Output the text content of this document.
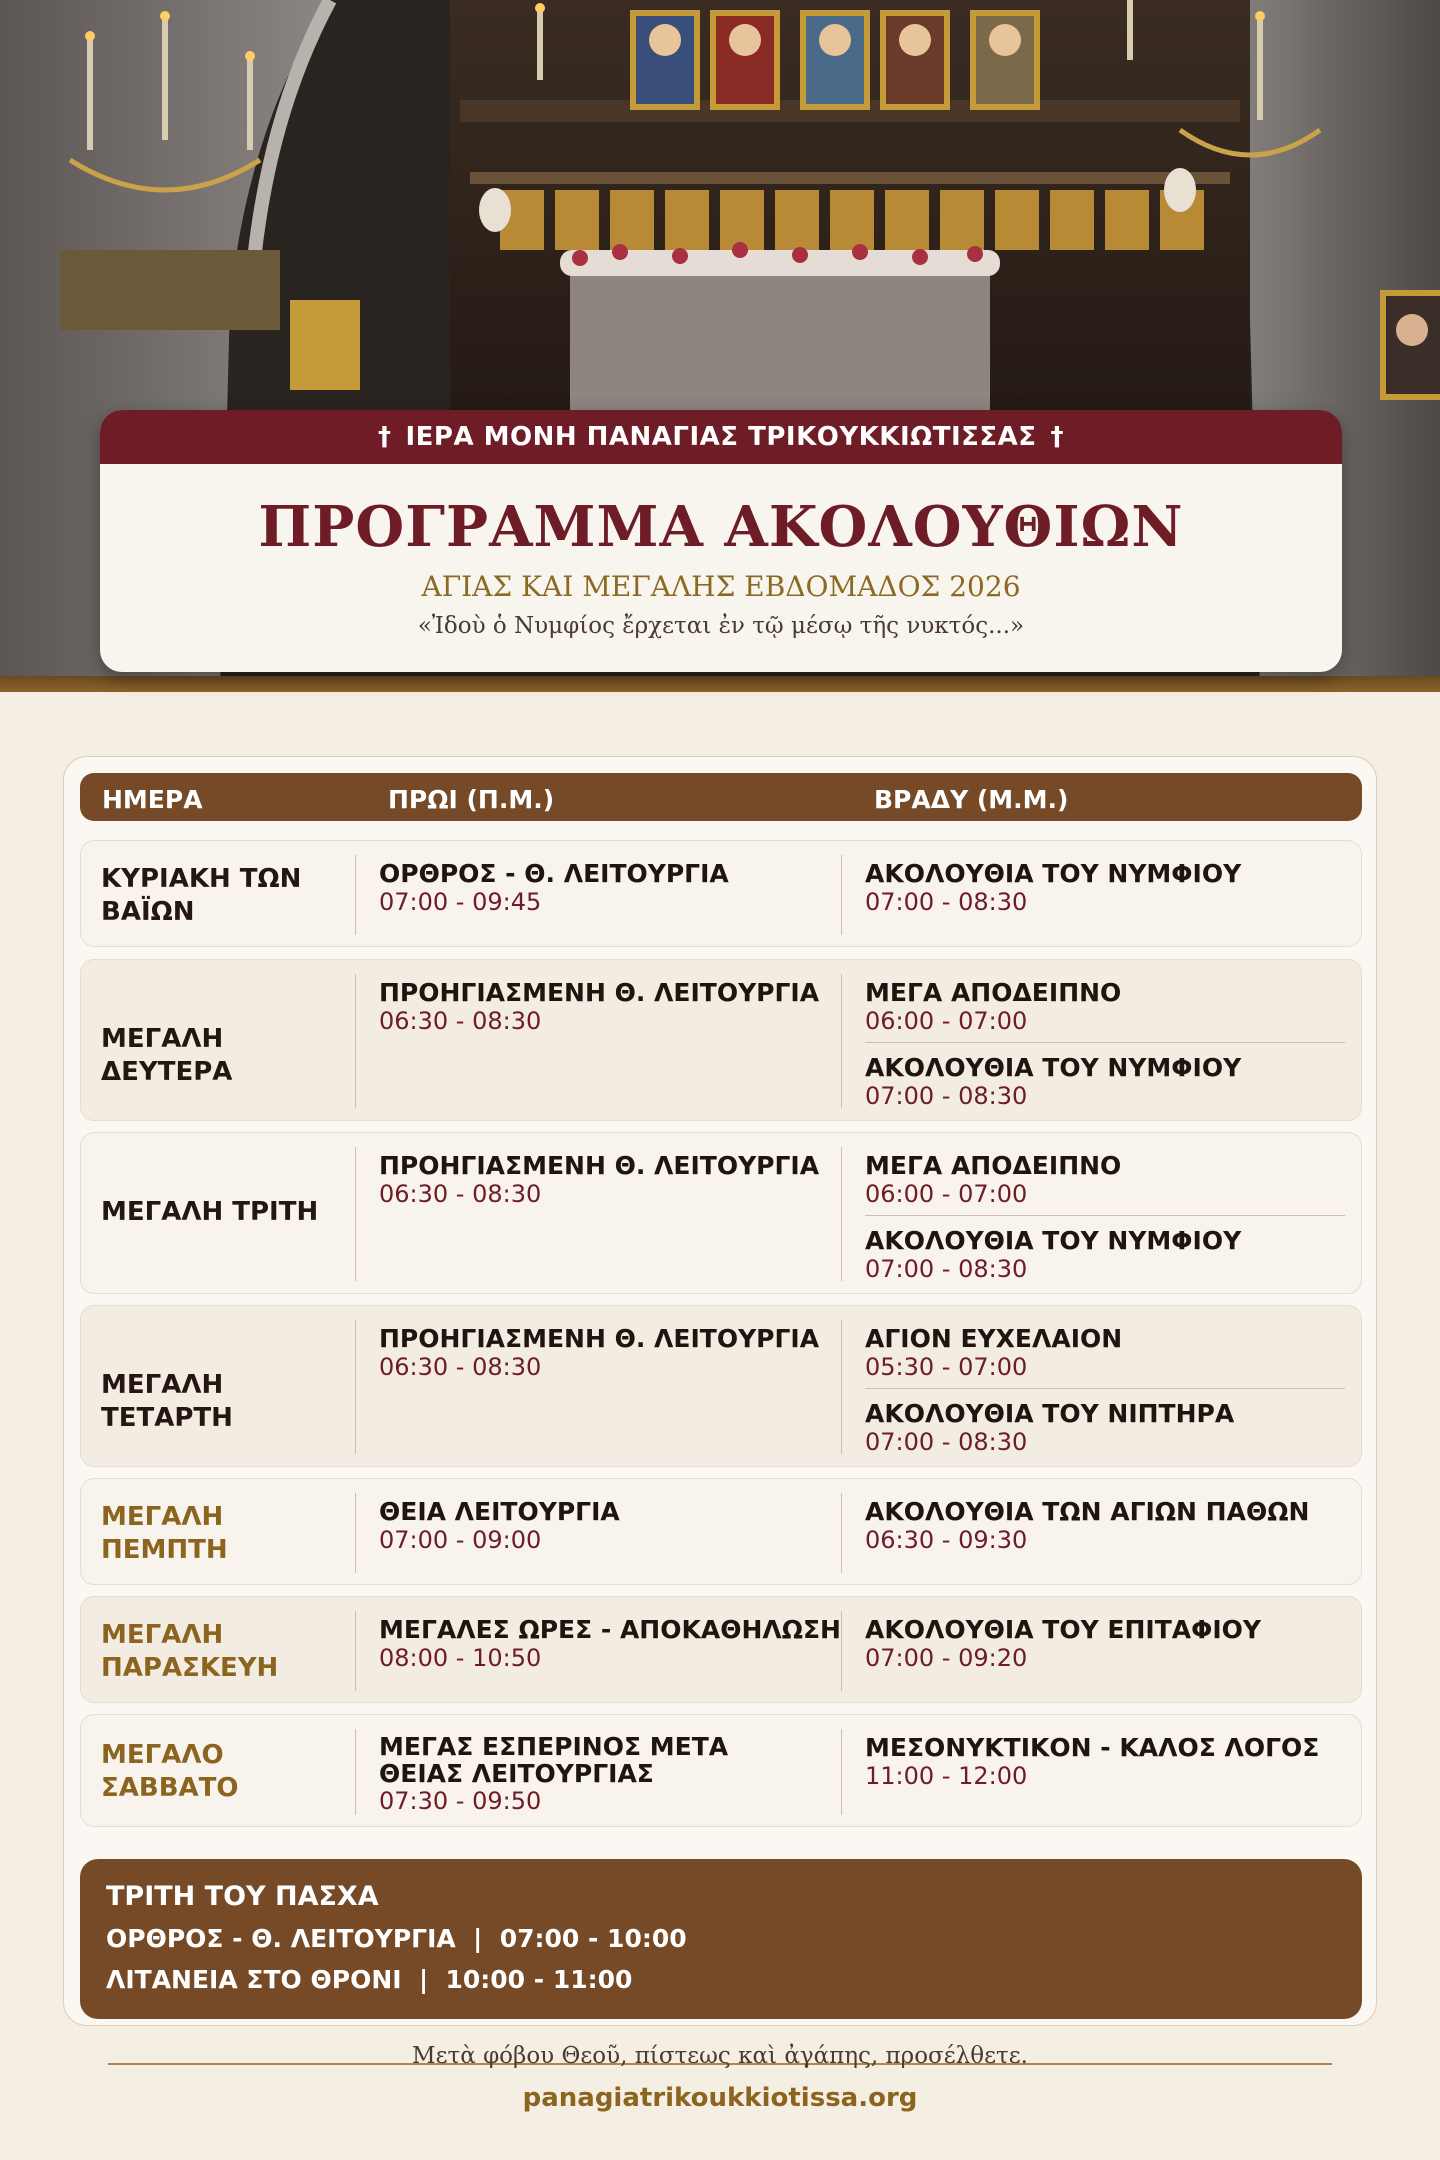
† ΙΕΡΑ ΜΟΝΗ ΠΑΝΑΓΙΑΣ ΤΡΙΚΟΥΚΚΙΩΤΙΣΣΑΣ †
ΠΡΟΓΡΑΜΜΑ ΑΚΟΛΟΥΘΙΩΝ
ΑΓΙΑΣ ΚΑΙ ΜΕΓΑΛΗΣ ΕΒΔΟΜΑΔΟΣ 2026
«Ἰδοὺ ὁ Νυμφίος ἔρχεται ἐν τῷ μέσῳ τῆς νυκτός...»
ΗΜΕΡΑ	ΠΡΩΙ (Π.Μ.)	ΒΡΑΔΥ (Μ.Μ.)
ΚΥΡΙΑΚΗ ΤΩΝ ΒΑΪΩΝ
ΟΡΘΡΟΣ - Θ. ΛΕΙΤΟΥΡΓΙΑ
07:00 - 09:45
ΑΚΟΛΟΥΘΙΑ ΤΟΥ ΝΥΜΦΙΟΥ
07:00 - 08:30
ΜΕΓΑΛΗ ΔΕΥΤΕΡΑ
ΠΡΟΗΓΙΑΣΜΕΝΗ Θ. ΛΕΙΤΟΥΡΓΙΑ
06:30 - 08:30
ΜΕΓΑ ΑΠΟΔΕΙΠΝΟ
06:00 - 07:00
ΑΚΟΛΟΥΘΙΑ ΤΟΥ ΝΥΜΦΙΟΥ
07:00 - 08:30
ΜΕΓΑΛΗ ΤΡΙΤΗ
ΠΡΟΗΓΙΑΣΜΕΝΗ Θ. ΛΕΙΤΟΥΡΓΙΑ
06:30 - 08:30
ΜΕΓΑ ΑΠΟΔΕΙΠΝΟ
06:00 - 07:00
ΑΚΟΛΟΥΘΙΑ ΤΟΥ ΝΥΜΦΙΟΥ
07:00 - 08:30
ΜΕΓΑΛΗ ΤΕΤΑΡΤΗ
ΠΡΟΗΓΙΑΣΜΕΝΗ Θ. ΛΕΙΤΟΥΡΓΙΑ
06:30 - 08:30
ΑΓΙΟΝ ΕΥΧΕΛΑΙΟΝ
05:30 - 07:00
ΑΚΟΛΟΥΘΙΑ ΤΟΥ ΝΙΠΤΗΡΑ
07:00 - 08:30
ΜΕΓΑΛΗ ΠΕΜΠΤΗ
ΘΕΙΑ ΛΕΙΤΟΥΡΓΙΑ
07:00 - 09:00
ΑΚΟΛΟΥΘΙΑ ΤΩΝ ΑΓΙΩΝ ΠΑΘΩΝ
06:30 - 09:30
ΜΕΓΑΛΗ ΠΑΡΑΣΚΕΥΗ
ΜΕΓΑΛΕΣ ΩΡΕΣ - ΑΠΟΚΑΘΗΛΩΣΗ
08:00 - 10:50
ΑΚΟΛΟΥΘΙΑ ΤΟΥ ΕΠΙΤΑΦΙΟΥ
07:00 - 09:20
ΜΕΓΑΛΟ ΣΑΒΒΑΤΟ
ΜΕΓΑΣ ΕΣΠΕΡΙΝΟΣ ΜΕΤΑ ΘΕΙΑΣ ΛΕΙΤΟΥΡΓΙΑΣ
07:30 - 09:50
ΜΕΣΟΝΥΚΤΙΚΟΝ - ΚΑΛΟΣ ΛΟΓΟΣ
11:00 - 12:00
ΤΡΙΤΗ ΤΟΥ ΠΑΣΧΑ
ΟΡΘΡΟΣ - Θ. ΛΕΙΤΟΥΡΓΙΑ  |  07:00 - 10:00
ΛΙΤΑΝΕΙΑ ΣΤΟ ΘΡΟΝΙ  |  10:00 - 11:00
Μετὰ φόβου Θεοῦ, πίστεως καὶ ἀγάπης, προσέλθετε.
panagiatrikoukkiotissa.org
